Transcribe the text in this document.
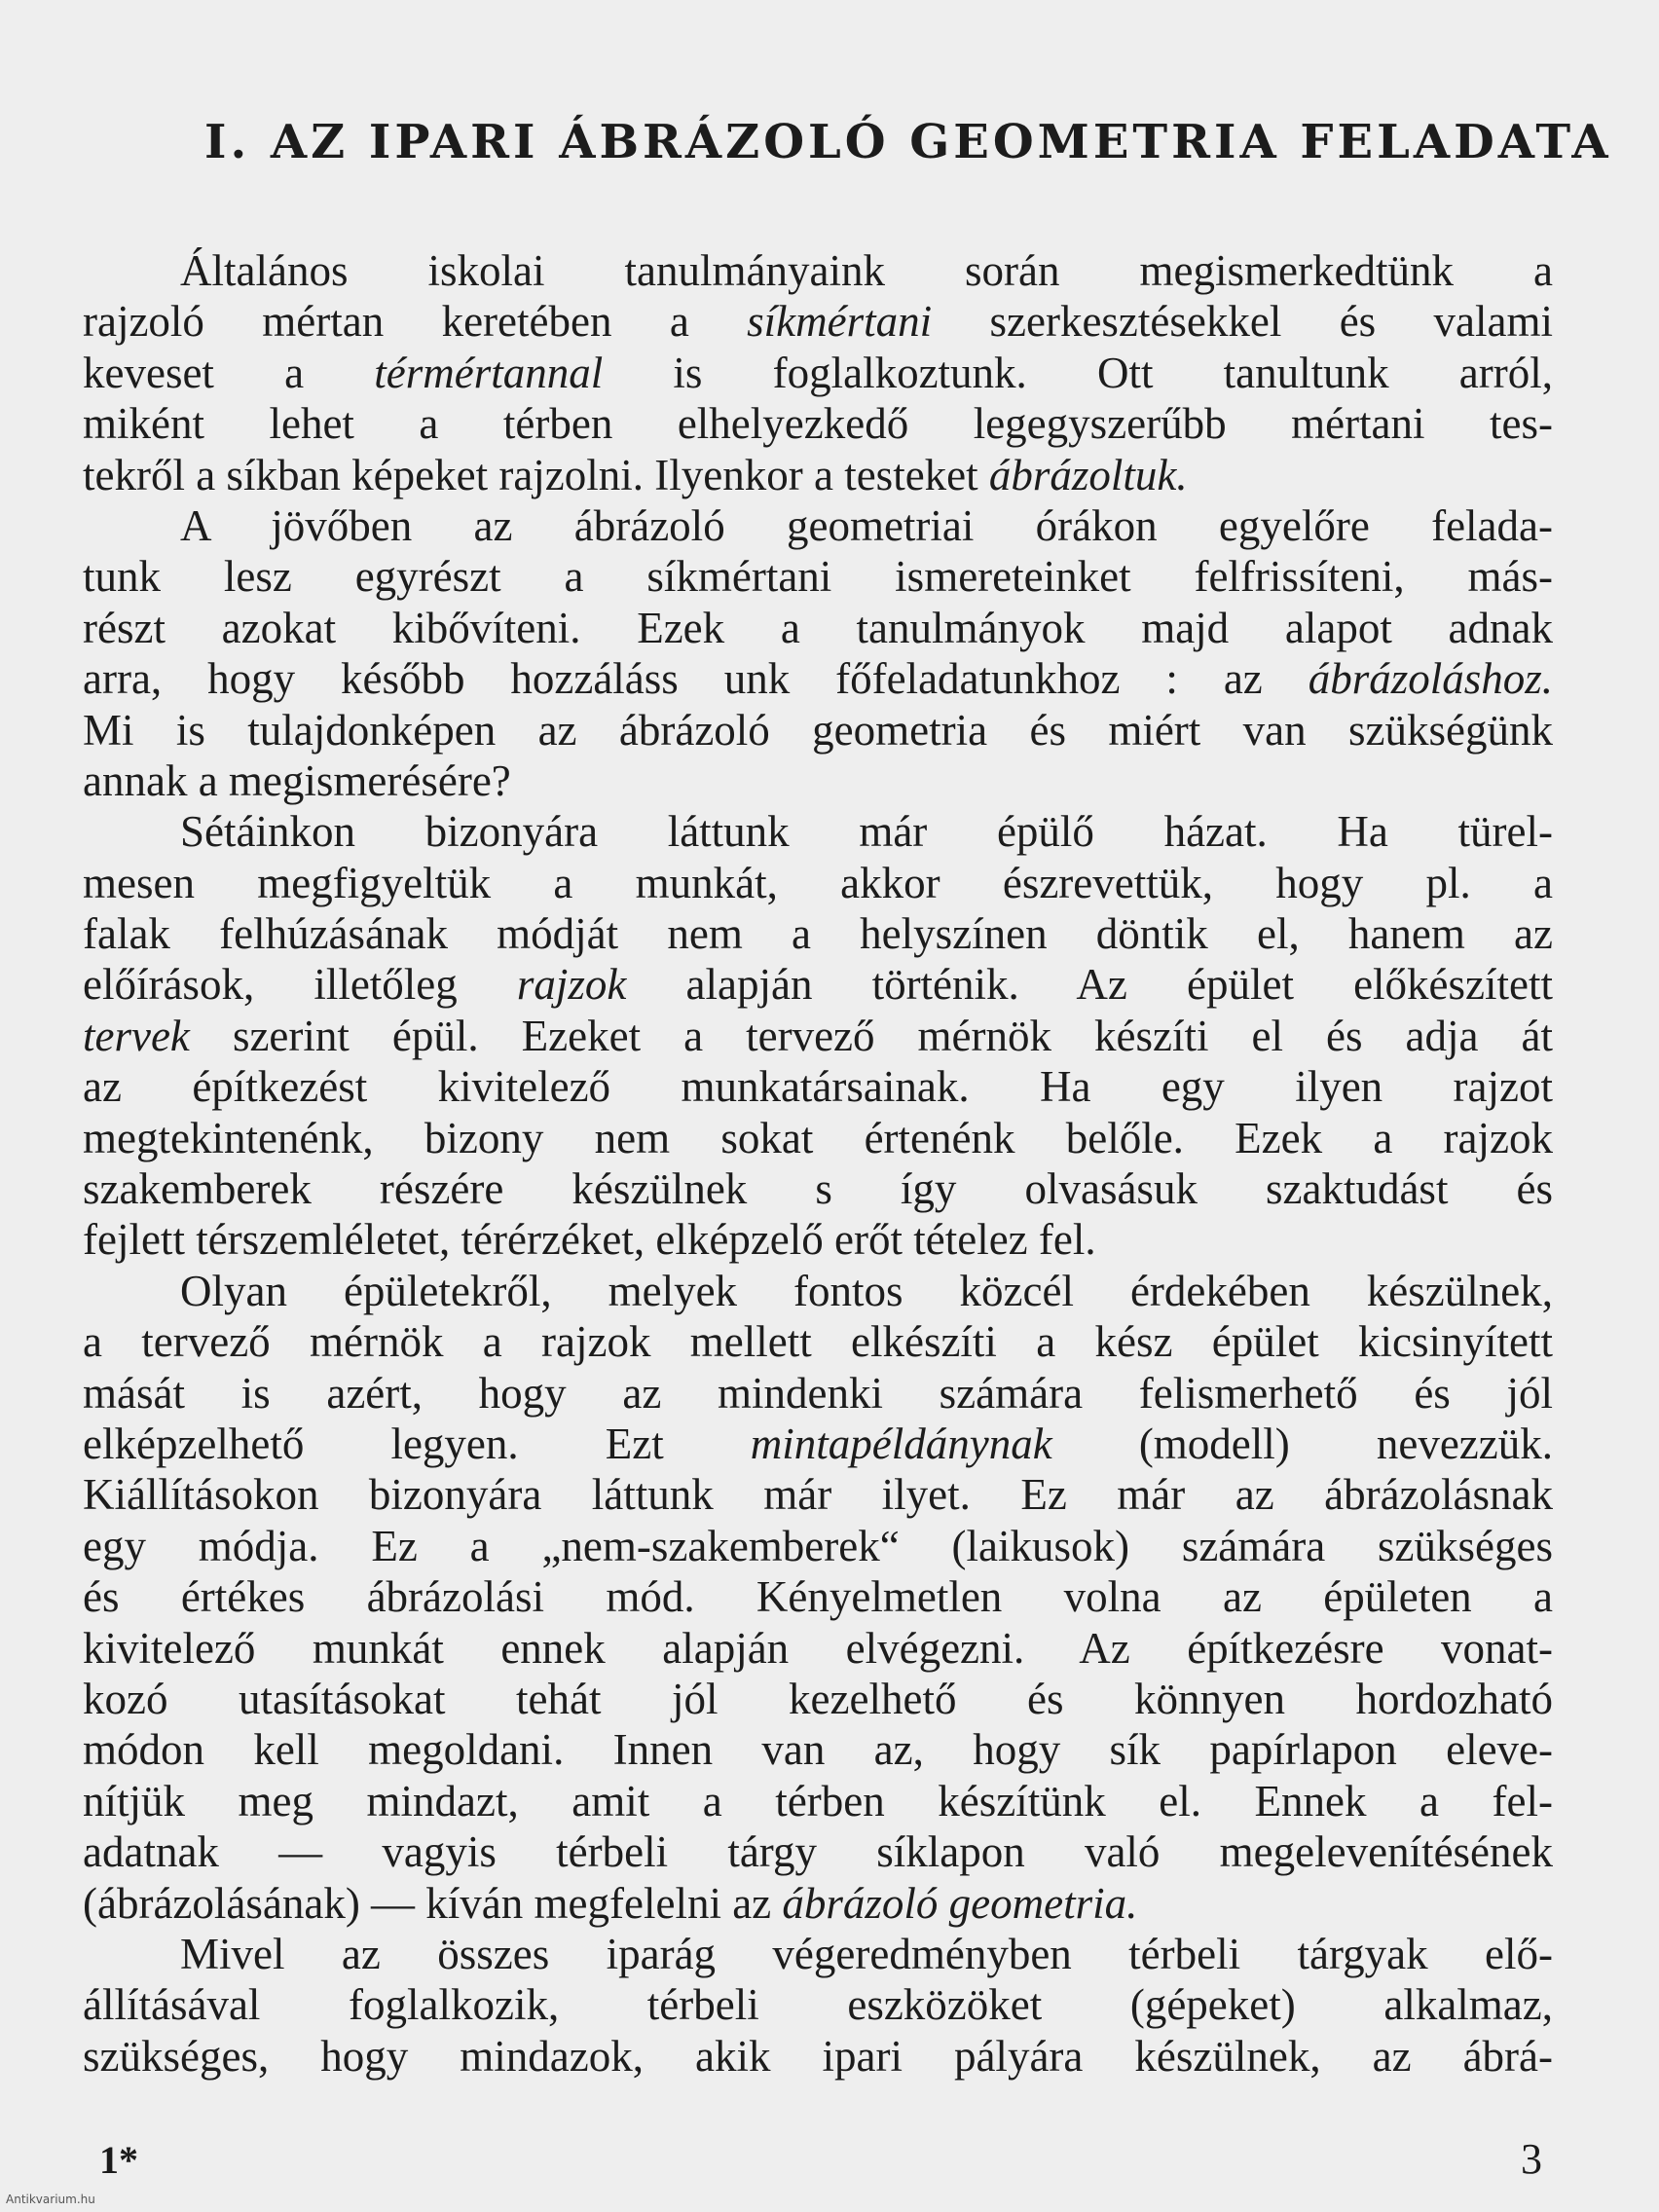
I. AZ IPARI ÁBRÁZOLÓ GEOMETRIA FELADATA
Általános iskolai tanulmányaink során megismerkedtünk a
rajzoló mértan keretében a síkmértani szerkesztésekkel és valami
keveset a térmértannal is foglalkoztunk. Ott tanultunk arról,
miként lehet a térben elhelyezkedő legegyszerűbb mértani tes-
tekről a síkban képeket rajzolni. Ilyenkor a testeket ábrázoltuk.
A jövőben az ábrázoló geometriai órákon egyelőre felada-
tunk lesz egyrészt a síkmértani ismereteinket felfrissíteni, más-
részt azokat kibővíteni. Ezek a tanulmányok majd alapot adnak
arra, hogy később hozzáláss unk főfeladatunkhoz : az ábrázoláshoz.
Mi is tulajdonképen az ábrázoló geometria és miért van szükségünk
annak a megismerésére?
Sétáinkon bizonyára láttunk már épülő házat. Ha türel-
mesen megfigyeltük a munkát, akkor észrevettük, hogy pl. a
falak felhúzásának módját nem a helyszínen döntik el, hanem az
előírások, illetőleg rajzok alapján történik. Az épület előkészített
tervek szerint épül. Ezeket a tervező mérnök készíti el és adja át
az építkezést kivitelező munkatársainak. Ha egy ilyen rajzot
megtekintenénk, bizony nem sokat értenénk belőle. Ezek a rajzok
szakemberek részére készülnek s így olvasásuk szaktudást és
fejlett térszemléletet, térérzéket, elképzelő erőt tételez fel.
Olyan épületekről, melyek fontos közcél érdekében készülnek,
a tervező mérnök a rajzok mellett elkészíti a kész épület kicsinyített
mását is azért, hogy az mindenki számára felismerhető és jól
elképzelhető legyen. Ezt mintapéldánynak (modell) nevezzük.
Kiállításokon bizonyára láttunk már ilyet. Ez már az ábrázolásnak
egy módja. Ez a „nem-szakemberek“ (laikusok) számára szükséges
és értékes ábrázolási mód. Kényelmetlen volna az épületen a
kivitelező munkát ennek alapján elvégezni. Az építkezésre vonat-
kozó utasításokat tehát jól kezelhető és könnyen hordozható
módon kell megoldani. Innen van az, hogy sík papírlapon eleve-
nítjük meg mindazt, amit a térben készítünk el. Ennek a fel-
adatnak — vagyis térbeli tárgy síklapon való megelevenítésének
(ábrázolásának) — kíván megfelelni az ábrázoló geometria.
Mivel az összes iparág végeredményben térbeli tárgyak elő-
állításával foglalkozik, térbeli eszközöket (gépeket) alkalmaz,
szükséges, hogy mindazok, akik ipari pályára készülnek, az ábrá-
1*	3
Antikvarium.hu
